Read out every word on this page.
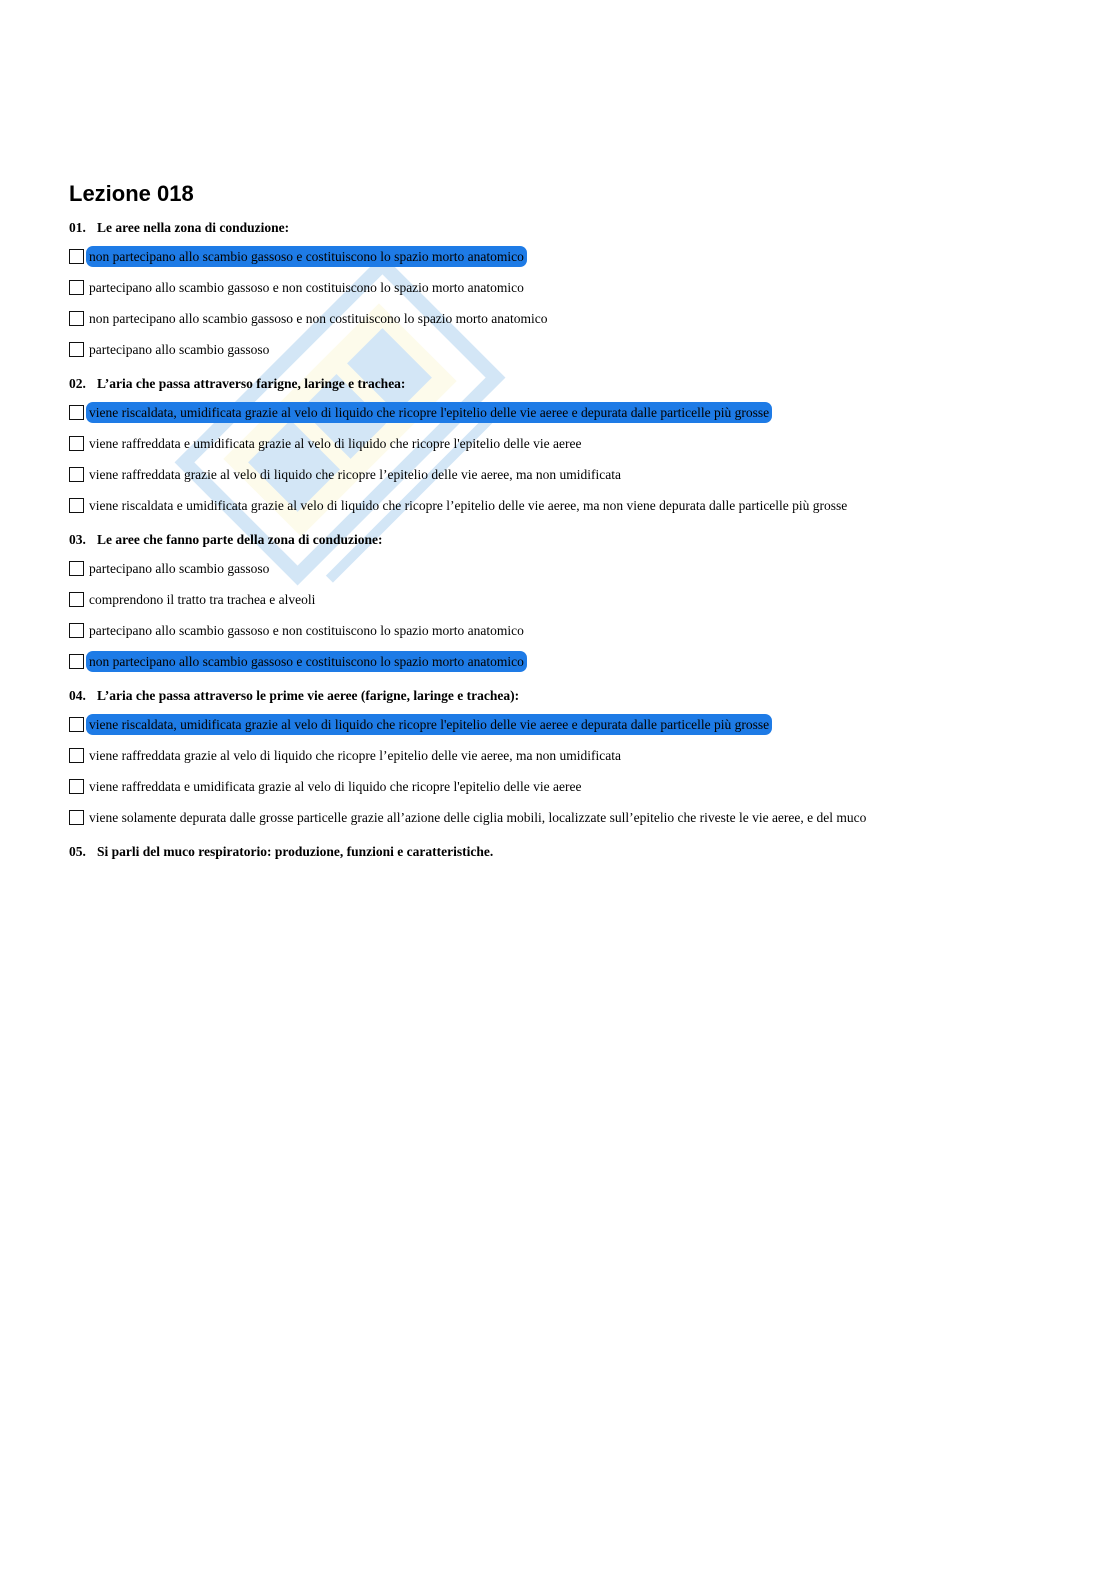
Lezione 018
01. Le aree nella zona di conduzione:
non partecipano allo scambio gassoso e costituiscono lo spazio morto anatomico
partecipano allo scambio gassoso e non costituiscono lo spazio morto anatomico
non partecipano allo scambio gassoso e non costituiscono lo spazio morto anatomico
partecipano allo scambio gassoso
02. L’aria che passa attraverso farigne, laringe e trachea:
viene riscaldata, umidificata grazie al velo di liquido che ricopre l'epitelio delle vie aeree e depurata dalle particelle più grosse
viene raffreddata e umidificata grazie al velo di liquido che ricopre l'epitelio delle vie aeree
viene raffreddata grazie al velo di liquido che ricopre l’epitelio delle vie aeree, ma non umidificata
viene riscaldata e umidificata grazie al velo di liquido che ricopre l’epitelio delle vie aeree, ma non viene depurata dalle particelle più grosse
03. Le aree che fanno parte della zona di conduzione:
partecipano allo scambio gassoso
comprendono il tratto tra trachea e alveoli
partecipano allo scambio gassoso e non costituiscono lo spazio morto anatomico
non partecipano allo scambio gassoso e costituiscono lo spazio morto anatomico
04. L’aria che passa attraverso le prime vie aeree (farigne, laringe e trachea):
viene riscaldata, umidificata grazie al velo di liquido che ricopre l'epitelio delle vie aeree e depurata dalle particelle più grosse
viene raffreddata grazie al velo di liquido che ricopre l’epitelio delle vie aeree, ma non umidificata
viene raffreddata e umidificata grazie al velo di liquido che ricopre l'epitelio delle vie aeree
viene solamente depurata dalle grosse particelle grazie all’azione delle ciglia mobili, localizzate sull’epitelio che riveste le vie aeree, e del muco
05. Si parli del muco respiratorio: produzione, funzioni e caratteristiche.
